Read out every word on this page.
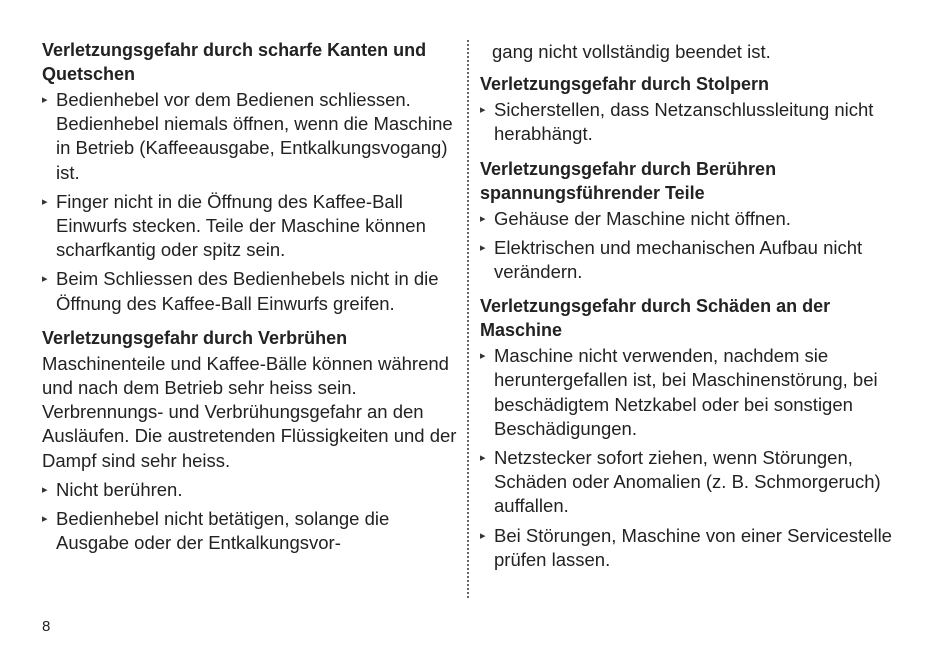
Verletzungsgefahr durch scharfe Kanten und Quetschen
▸ Bedienhebel vor dem Bedienen schliessen. Bedienhebel niemals öffnen, wenn die Maschine in Betrieb (Kaffeeausgabe, Entkalkungsvogang) ist.
▸ Finger nicht in die Öffnung des Kaffee-Ball Einwurfs stecken. Teile der Maschine können scharfkantig oder spitz sein.
▸ Beim Schliessen des Bedienhebels nicht in die Öffnung des Kaffee-Ball Einwurfs greifen.
Verletzungsgefahr durch Verbrühen

Maschinenteile und Kaffee-Bälle können während und nach dem Betrieb sehr heiss sein. Verbrennungs- und Verbrühungsgefahr an den Ausläufen. Die austretenden Flüssigkeiten und der Dampf sind sehr heiss.

▸ Nicht berühren.
▸ Bedienhebel nicht betätigen, solange die Ausgabe oder der Entkalkungsvor-

gang nicht vollständig beendet ist.

Verletzungsgefahr durch Stolpern
▸ Sicherstellen, dass Netzanschlussleitung nicht herabhängt.
Verletzungsgefahr durch Berühren spannungsführender Teile
▸ Gehäuse der Maschine nicht öffnen.
▸ Elektrischen und mechanischen Aufbau nicht verändern.
Verletzungsgefahr durch Schäden an der Maschine
▸ Maschine nicht verwenden, nachdem sie heruntergefallen ist, bei Maschinenstörung, bei beschädigtem Netzkabel oder bei sonstigen Beschädigungen.
▸ Netzstecker sofort ziehen, wenn Störungen, Schäden oder Anomalien (z. B. Schmorgeruch) auffallen.
▸ Bei Störungen, Maschine von einer Servicestelle prüfen lassen.
8
